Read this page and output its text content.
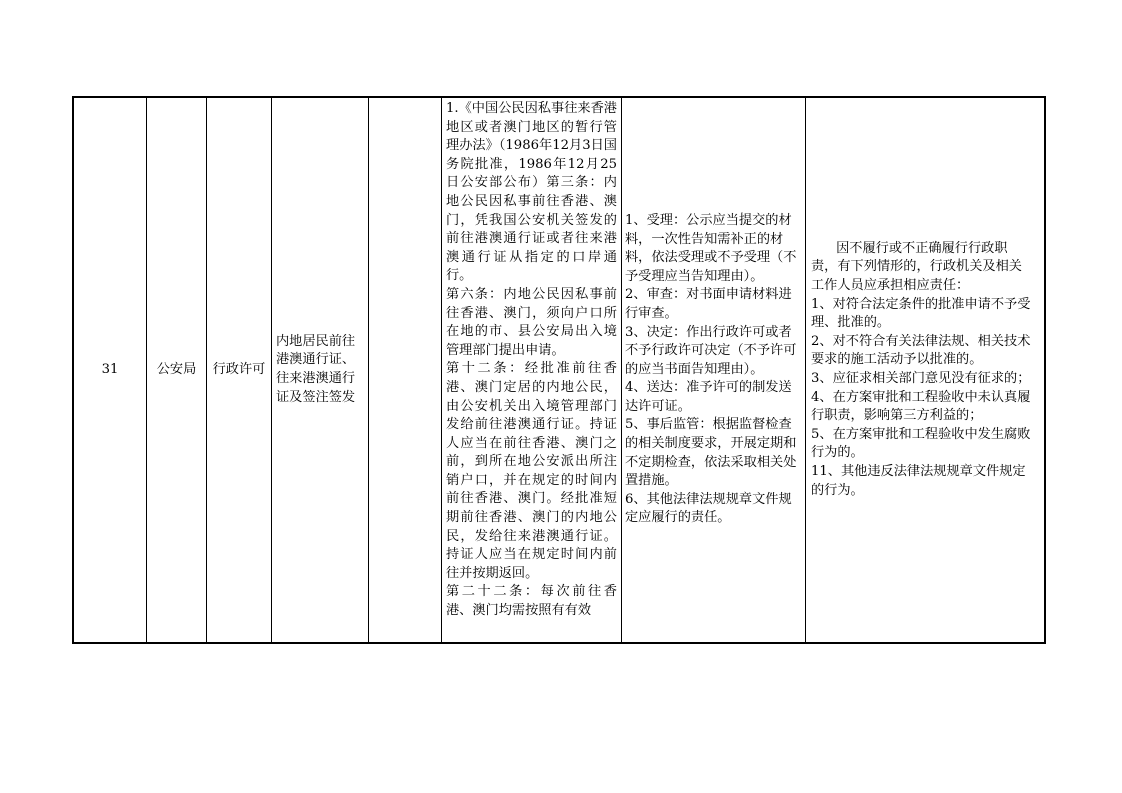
31	公安局 行政许可

内地居民前往港澳通行证、往来港澳通行证及签注签发

1.《中国公民因私事往来香港地区或者澳门地区的暂行管理办法》（1986年12月3日国务院批准，1986年12月25日公安部公布）第三条：内地公民因私事前往香港、澳门，凭我国公安机关签发的前往港澳通行证或者往来港澳通行证从指定的口岸通行。

第六条：内地公民因私事前往香港、澳门，须向户口所在地的市、县公安局出入境管理部门提出申请。

第十二条：经批准前往香港、澳门定居的内地公民，由公安机关出入境管理部门发给前往港澳通行证。持证人应当在前往香港、澳门之前，到所在地公安派出所注销户口，并在规定的时间内前往香港、澳门。经批准短期前往香港、澳门的内地公民，发给往来港澳通行证。持证人应当在规定时间内前往并按期返回。

第二十二条：每次前往香港、澳门均需按照有有效

1、受理：公示应当提交的材料，一次性告知需补正的材料，依法受理或不予受理（不予受理应当告知理由）。

2、审查：对书面申请材料进行审查。

3、决定：作出行政许可或者不予行政许可决定（不予许可的应当书面告知理由）。

4、送达：准予许可的制发送达许可证。

5、事后监管：根据监督检查的相关制度要求，开展定期和不定期检查，依法采取相关处置措施。

6、其他法律法规规章文件规定应履行的责任。

因不履行或不正确履行行政职责，有下列情形的，行政机关及相关工作人员应承担相应责任：

1、对符合法定条件的批准申请不予受理、批准的。

2、对不符合有关法律法规、相关技术要求的施工活动予以批准的。

3、应征求相关部门意见没有征求的；

4、在方案审批和工程验收中未认真履行职责，影响第三方利益的；

5、在方案审批和工程验收中发生腐败行为的。

11、其他违反法律法规规章文件规定的行为。
